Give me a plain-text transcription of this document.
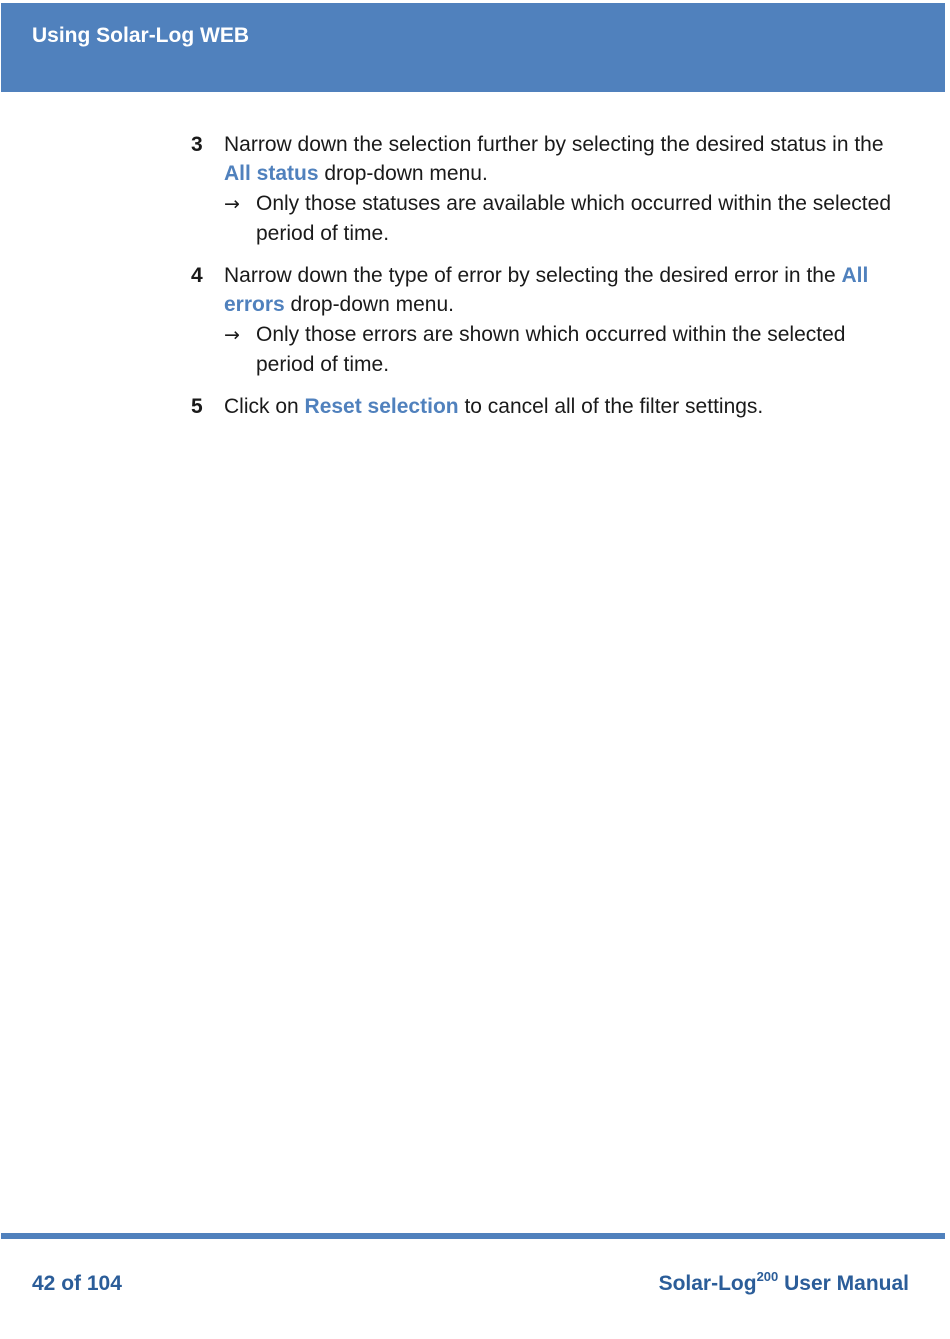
Using Solar-Log WEB
3 Narrow down the selection further by selecting the desired status in the All status drop-down menu.
→ Only those statuses are available which occurred within the selected period of time.
4 Narrow down the type of error by selecting the desired error in the All errors drop-down menu.
→ Only those errors are shown which occurred within the selected period of time.
5 Click on Reset selection to cancel all of the filter settings.
42 of 104	Solar-Log$^{200}$ User Manual
